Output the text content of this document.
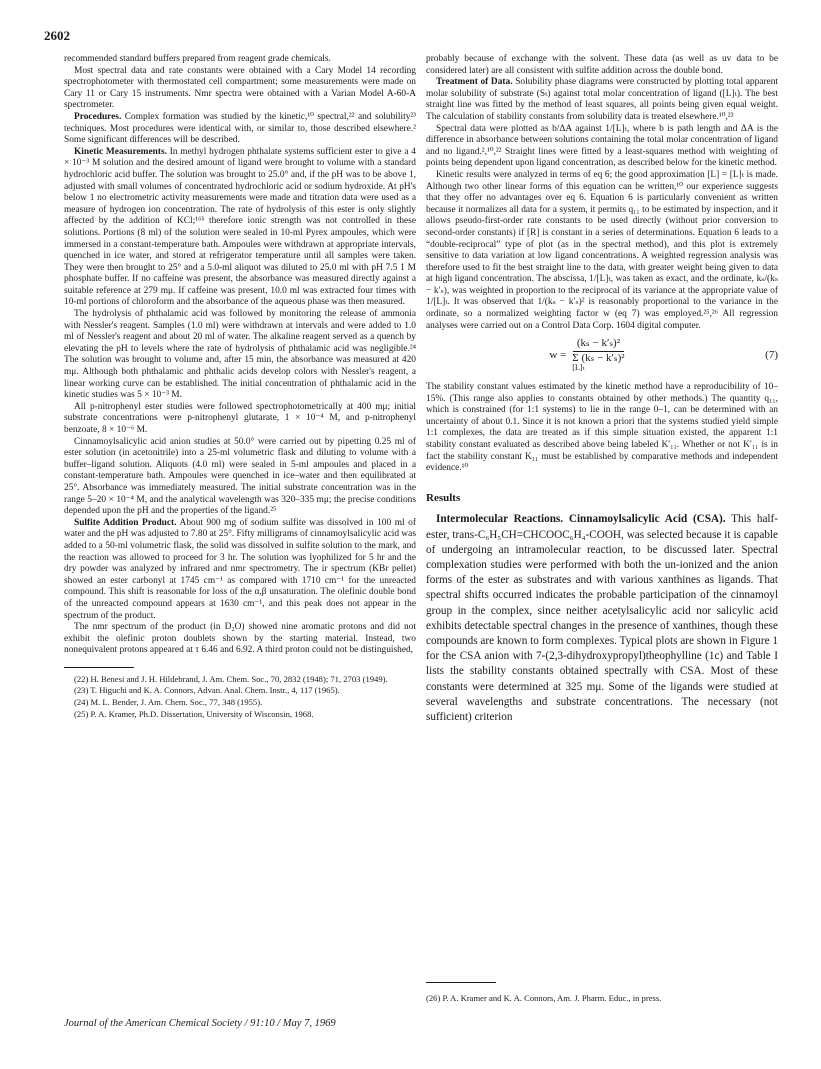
2602

recommended standard buffers prepared from reagent grade chemicals.

Most spectral data and rate constants were obtained with a Cary Model 14 recording spectrophotometer with thermostated cell compartment; some measurements were made on Cary 11 or Cary 15 instruments. Nmr spectra were obtained with a Varian Model A-60-A spectrometer.

Procedures. Complex formation was studied by the kinetic,¹⁰ spectral,²² and solubility²³ techniques. Most procedures were identical with, or similar to, those described elsewhere.² Some significant differences will be described.

Kinetic Measurements. In methyl hydrogen phthalate systems sufficient ester to give a 4 × 10⁻³ M solution and the desired amount of ligand were brought to volume with a standard hydrochloric acid buffer. The solution was brought to 25.0° and, if the pH was to be above 1, adjusted with small volumes of concentrated hydrochloric acid or sodium hydroxide. At pH's below 1 no electrometric activity measurements were made and titration data were used as a measure of hydrogen ion concentration. The rate of hydrolysis of this ester is only slightly affected by the addition of KCl;¹⁶ᵇ therefore ionic strength was not controlled in these solutions. Portions (8 ml) of the solution were sealed in 10-ml Pyrex ampoules, which were immersed in a constant-temperature bath. Ampoules were withdrawn at appropriate intervals, quenched in ice water, and stored at refrigerator temperature until all samples were taken. They were then brought to 25° and a 5.0-ml aliquot was diluted to 25.0 ml with pH 7.5 1 M phosphate buffer. If no caffeine was present, the absorbance was measured directly against a suitable reference at 279 mμ. If caffeine was present, 10.0 ml was extracted four times with 10-ml portions of chloroform and the absorbance of the aqueous phase was then measured.

The hydrolysis of phthalamic acid was followed by monitoring the release of ammonia with Nessler's reagent. Samples (1.0 ml) were withdrawn at intervals and were added to 1.0 ml of Nessler's reagent and about 20 ml of water. The alkaline reagent served as a quench by elevating the pH to levels where the rate of hydrolysis of phthalamic acid was negligible.²⁴ The solution was brought to volume and, after 15 min, the absorbance was measured at 420 mμ. Although both phthalamic and phthalic acids develop colors with Nessler's reagent, a linear working curve can be established. The initial concentration of phthalamic acid in the kinetic studies was 5 × 10⁻³ M.

All p-nitrophenyl ester studies were followed spectrophotometrically at 400 mμ; initial substrate concentrations were p-nitrophenyl glutarate, 1 × 10⁻⁴ M, and p-nitrophenyl benzoate, 8 × 10⁻⁶ M.

Cinnamoylsalicylic acid anion studies at 50.0° were carried out by pipetting 0.25 ml of ester solution (in acetonitrile) into a 25-ml volumetric flask and diluting to volume with a buffer–ligand solution. Aliquots (4.0 ml) were sealed in 5-ml ampoules and placed in a constant-temperature bath. Ampoules were quenched in ice–water and then equilibrated at 25°. Absorbance was immediately measured. The initial substrate concentration was in the range 5–20 × 10⁻⁴ M, and the analytical wavelength was 320–335 mμ; the precise conditions depended upon the pH and the properties of the ligand.²⁵

Sulfite Addition Product. About 900 mg of sodium sulfite was dissolved in 100 ml of water and the pH was adjusted to 7.80 at 25°. Fifty milligrams of cinnamoylsalicylic acid was added to a 50-ml volumetric flask, the solid was dissolved in sulfite solution to the mark, and the reaction was allowed to proceed for 3 hr. The solution was lyophilized for 5 hr and the dry powder was analyzed by infrared and nmr spectrometry. The ir spectrum (KBr pellet) showed an ester carbonyl at 1745 cm⁻¹ as compared with 1710 cm⁻¹ for the unreacted compound. This shift is reasonable for loss of the α,β unsaturation. The olefinic double bond of the unreacted compound appears at 1630 cm⁻¹, and this peak does not appear in the spectrum of the product.

The nmr spectrum of the product (in D₂O) showed nine aromatic protons and did not exhibit the olefinic proton doublets shown by the starting material. Instead, two nonequivalent protons appeared at τ 6.46 and 6.92. A third proton could not be distinguished,

(22) H. Benesi and J. H. Hildebrand, J. Am. Chem. Soc., 70, 2832 (1948); 71, 2703 (1949).
(23) T. Higuchi and K. A. Connors, Advan. Anal. Chem. Instr., 4, 117 (1965).
(24) M. L. Bender, J. Am. Chem. Soc., 77, 348 (1955).
(25) P. A. Kramer, Ph.D. Dissertation, University of Wisconsin, 1968.

probably because of exchange with the solvent. These data (as well as uv data to be considered later) are all consistent with sulfite addition across the double bond.

Treatment of Data. Solubility phase diagrams were constructed by plotting total apparent molar solubility of substrate (Sₜ) against total molar concentration of ligand ([L]ₜ). The best straight line was fitted by the method of least squares, all points being given equal weight. The calculation of stability constants from solubility data is treated elsewhere.¹⁰,²³

Spectral data were plotted as b/ΔA against 1/[L]ₜ, where b is path length and ΔA is the difference in absorbance between solutions containing the total molar concentration of ligand and no ligand.²,¹⁰,²² Straight lines were fitted by a least-squares method with weighting of points being dependent upon ligand concentration, as described below for the kinetic method.

Kinetic results were analyzed in terms of eq 6; the good approximation [L] = [L]ₜ is made. Although two other linear forms of this equation can be written,¹⁰ our experience suggests that they offer no advantages over eq 6. Equation 6 is particularly convenient as written because it normalizes all data for a system, it permits q₁₁ to be estimated by inspection, and it allows pseudo-first-order rate constants to be used directly (without prior conversion to second-order constants) if [R] is constant in a series of determinations. Equation 6 leads to a “double-reciprocal” type of plot (as in the spectral method), and this plot is extremely sensitive to data variation at low ligand concentrations. A weighted regression analysis was therefore used to fit the best straight line to the data, with greater weight being given to data at high ligand concentration. The abscissa, 1/[L]ₜ, was taken as exact, and the ordinate, kₛ/(kₛ − k′ₛ), was weighted in proportion to the reciprocal of its variance at the appropriate value of 1/[L]ₜ. It was observed that 1/(kₛ − k′ₛ)² is reasonably proportional to the variance in the ordinate, so a normalized weighting factor w (eq 7) was employed.²⁵,²⁶ All regression analyses were carried out on a Control Data Corp. 1604 digital computer.

w = (kₛ − k′ₛ)²
Σ (kₛ − k′ₛ)²
[L]ₜ	(7)

The stability constant values estimated by the kinetic method have a reproducibility of 10–15%. (This range also applies to constants obtained by other methods.) The quantity q₁₁, which is constrained (for 1:1 systems) to lie in the range 0–1, can be determined with an uncertainty of about 0.1. Since it is not known a priori that the systems studied yield simple 1:1 complexes, the data are treated as if this simple situation existed, the apparent 1:1 stability constant evaluated as described above being labeled K′₁₁. Whether or not K′₁₁ is in fact the stability constant K₁₁ must be established by comparative methods and independent evidence.¹⁰

Results

Intermolecular Reactions. Cinnamoylsalicylic Acid (CSA). This half-ester, trans-C₆H₅CH=CHCOOC₆H₄-COOH, was selected because it is capable of undergoing an intramolecular reaction, to be discussed later. Spectral complexation studies were performed with both the un-ionized and the anion forms of the ester as substrates and with various xanthines as ligands. That spectral shifts occurred indicates the probable participation of the cinnamoyl group in the complex, since neither acetylsalicylic acid nor salicylic acid exhibits detectable spectral changes in the presence of xanthines, though these compounds are known to form complexes. Typical plots are shown in Figure 1 for the CSA anion with 7-(2,3-dihydroxypropyl)theophylline (1c) and Table I lists the stability constants obtained spectrally with CSA. Most of these constants were determined at 325 mμ. Some of the ligands were studied at several wavelengths and substrate concentrations. The necessary (not sufficient) criterion

(26) P. A. Kramer and K. A. Connors, Am. J. Pharm. Educ., in press.
Journal of the American Chemical Society / 91:10 / May 7, 1969
